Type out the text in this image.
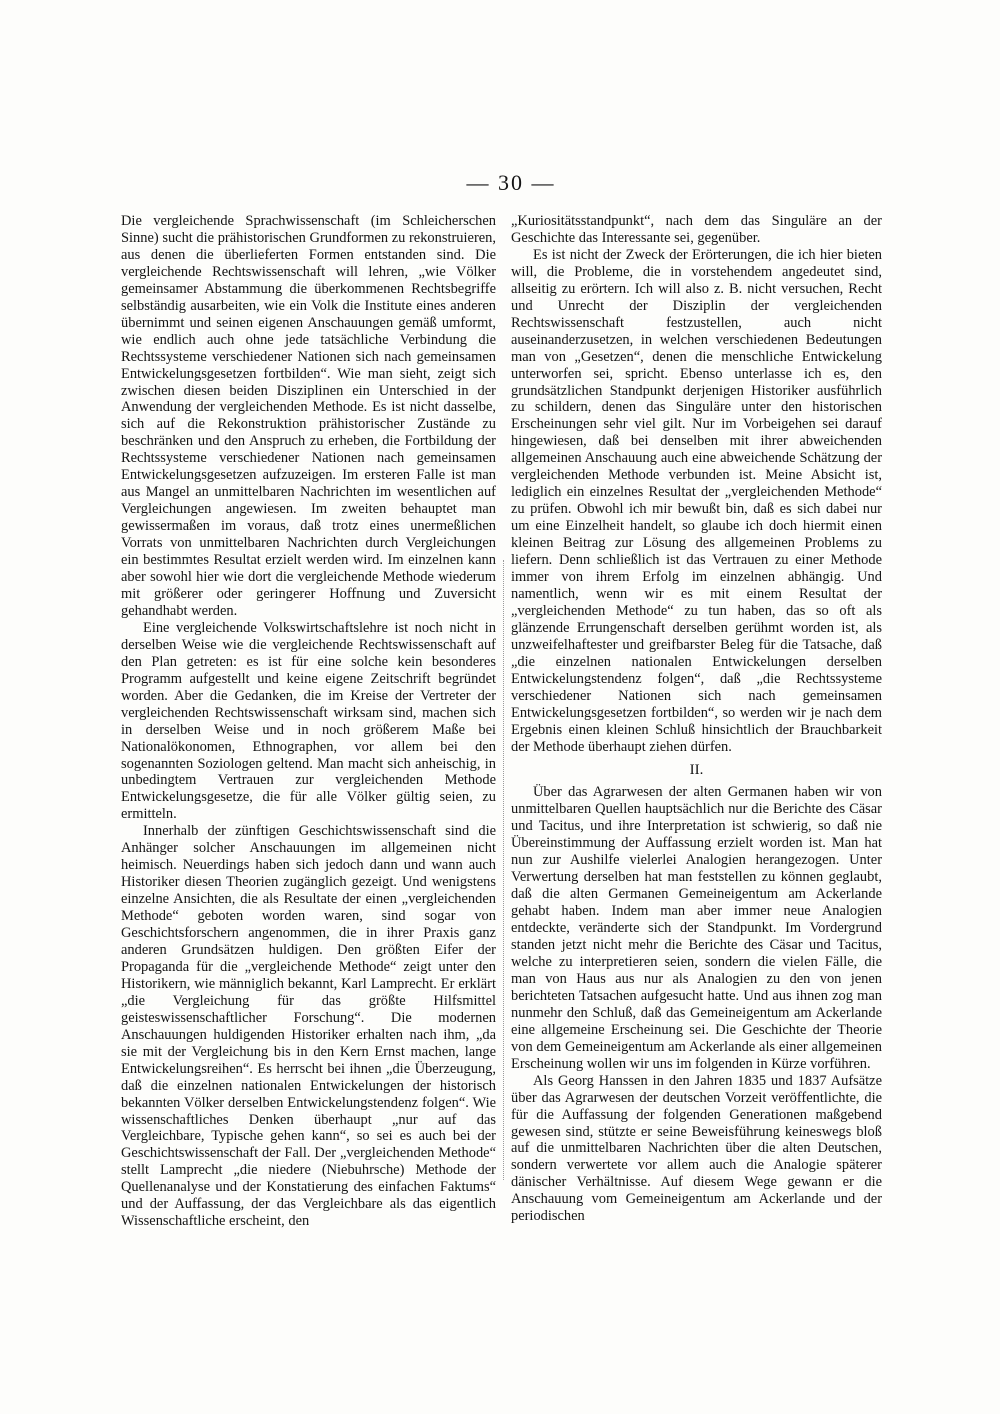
— 30 —

Die vergleichende Sprachwissenschaft (im Schleicherschen Sinne) sucht die prähistorischen Grundformen zu rekonstruieren, aus denen die überlieferten Formen entstanden sind. Die vergleichende Rechtswissenschaft will lehren, „wie Völker gemeinsamer Abstammung die überkommenen Rechtsbegriffe selbständig ausarbeiten, wie ein Volk die Institute eines anderen übernimmt und seinen eigenen Anschauungen gemäß umformt, wie endlich auch ohne jede tatsächliche Verbindung die Rechtssysteme verschiedener Nationen sich nach gemeinsamen Entwickelungsgesetzen fortbilden“. Wie man sieht, zeigt sich zwischen diesen beiden Disziplinen ein Unterschied in der Anwendung der vergleichenden Methode. Es ist nicht dasselbe, sich auf die Rekonstruktion prähistorischer Zustände zu beschränken und den Anspruch zu erheben, die Fortbildung der Rechtssysteme verschiedener Nationen nach gemeinsamen Entwickelungsgesetzen aufzuzeigen. Im ersteren Falle ist man aus Mangel an unmittelbaren Nachrichten im wesentlichen auf Vergleichungen angewiesen. Im zweiten behauptet man gewissermaßen im voraus, daß trotz eines unermeßlichen Vorrats von unmittelbaren Nachrichten durch Vergleichungen ein bestimmtes Resultat erzielt werden wird. Im einzelnen kann aber sowohl hier wie dort die vergleichende Methode wiederum mit größerer oder geringerer Hoffnung und Zuversicht gehandhabt werden.

Eine vergleichende Volkswirtschaftslehre ist noch nicht in derselben Weise wie die vergleichende Rechtswissenschaft auf den Plan getreten: es ist für eine solche kein besonderes Programm aufgestellt und keine eigene Zeitschrift begründet worden. Aber die Gedanken, die im Kreise der Vertreter der vergleichenden Rechtswissenschaft wirksam sind, machen sich in derselben Weise und in noch größerem Maße bei Nationalökonomen, Ethnographen, vor allem bei den sogenannten Soziologen geltend. Man macht sich anheischig, in unbedingtem Vertrauen zur vergleichenden Methode Entwickelungsgesetze, die für alle Völker gültig seien, zu ermitteln.

Innerhalb der zünftigen Geschichtswissenschaft sind die Anhänger solcher Anschauungen im allgemeinen nicht heimisch. Neuerdings haben sich jedoch dann und wann auch Historiker diesen Theorien zugänglich gezeigt. Und wenigstens einzelne Ansichten, die als Resultate der einen „vergleichenden Methode“ geboten worden waren, sind sogar von Geschichtsforschern angenommen, die in ihrer Praxis ganz anderen Grundsätzen huldigen. Den größten Eifer der Propaganda für die „vergleichende Methode“ zeigt unter den Historikern, wie männiglich bekannt, Karl Lamprecht. Er erklärt „die Vergleichung für das größte Hilfsmittel geisteswissenschaftlicher Forschung“. Die modernen Anschauungen huldigenden Historiker erhalten nach ihm, „da sie mit der Vergleichung bis in den Kern Ernst machen, lange Entwickelungsreihen“. Es herrscht bei ihnen „die Überzeugung, daß die einzelnen nationalen Entwickelungen der historisch bekannten Völker derselben Entwickelungstendenz folgen“. Wie wissenschaftliches Denken überhaupt „nur auf das Vergleichbare, Typische gehen kann“, so sei es auch bei der Geschichtswissenschaft der Fall. Der „vergleichenden Methode“ stellt Lamprecht „die niedere (Niebuhrsche) Methode der Quellenanalyse und der Konstatierung des einfachen Faktums“ und der Auffassung, der das Vergleichbare als das eigentlich Wissenschaftliche erscheint, den

„Kuriositätsstandpunkt“, nach dem das Singuläre an der Geschichte das Interessante sei, gegenüber.

Es ist nicht der Zweck der Erörterungen, die ich hier bieten will, die Probleme, die in vorstehendem angedeutet sind, allseitig zu erörtern. Ich will also z. B. nicht versuchen, Recht und Unrecht der Disziplin der vergleichenden Rechtswissenschaft festzustellen, auch nicht auseinanderzusetzen, in welchen verschiedenen Bedeutungen man von „Gesetzen“, denen die menschliche Entwickelung unterworfen sei, spricht. Ebenso unterlasse ich es, den grundsätzlichen Standpunkt derjenigen Historiker ausführlich zu schildern, denen das Singuläre unter den historischen Erscheinungen sehr viel gilt. Nur im Vorbeigehen sei darauf hingewiesen, daß bei denselben mit ihrer abweichenden allgemeinen Anschauung auch eine abweichende Schätzung der vergleichenden Methode verbunden ist. Meine Absicht ist, lediglich ein einzelnes Resultat der „vergleichenden Methode“ zu prüfen. Obwohl ich mir bewußt bin, daß es sich dabei nur um eine Einzelheit handelt, so glaube ich doch hiermit einen kleinen Beitrag zur Lösung des allgemeinen Problems zu liefern. Denn schließlich ist das Vertrauen zu einer Methode immer von ihrem Erfolg im einzelnen abhängig. Und namentlich, wenn wir es mit einem Resultat der „vergleichenden Methode“ zu tun haben, das so oft als glänzende Errungenschaft derselben gerühmt worden ist, als unzweifelhaftester und greifbarster Beleg für die Tatsache, daß „die einzelnen nationalen Entwickelungen derselben Entwickelungstendenz folgen“, daß „die Rechtssysteme verschiedener Nationen sich nach gemeinsamen Entwickelungsgesetzen fortbilden“, so werden wir je nach dem Ergebnis einen kleinen Schluß hinsichtlich der Brauchbarkeit der Methode überhaupt ziehen dürfen.

II.

Über das Agrarwesen der alten Germanen haben wir von unmittelbaren Quellen hauptsächlich nur die Berichte des Cäsar und Tacitus, und ihre Interpretation ist schwierig, so daß nie Übereinstimmung der Auffassung erzielt worden ist. Man hat nun zur Aushilfe vielerlei Analogien herangezogen. Unter Verwertung derselben hat man feststellen zu können geglaubt, daß die alten Germanen Gemeineigentum am Ackerlande gehabt haben. Indem man aber immer neue Analogien entdeckte, veränderte sich der Standpunkt. Im Vordergrund standen jetzt nicht mehr die Berichte des Cäsar und Tacitus, welche zu interpretieren seien, sondern die vielen Fälle, die man von Haus aus nur als Analogien zu den von jenen berichteten Tatsachen aufgesucht hatte. Und aus ihnen zog man nunmehr den Schluß, daß das Gemeineigentum am Ackerlande eine allgemeine Erscheinung sei. Die Geschichte der Theorie von dem Gemeineigentum am Ackerlande als einer allgemeinen Erscheinung wollen wir uns im folgenden in Kürze vorführen.

Als Georg Hanssen in den Jahren 1835 und 1837 Aufsätze über das Agrarwesen der deutschen Vorzeit veröffentlichte, die für die Auffassung der folgenden Generationen maßgebend gewesen sind, stützte er seine Beweisführung keineswegs bloß auf die unmittelbaren Nachrichten über die alten Deutschen, sondern verwertete vor allem auch die Analogie späterer dänischer Verhältnisse. Auf diesem Wege gewann er die Anschauung vom Gemeineigentum am Ackerlande und der periodischen
